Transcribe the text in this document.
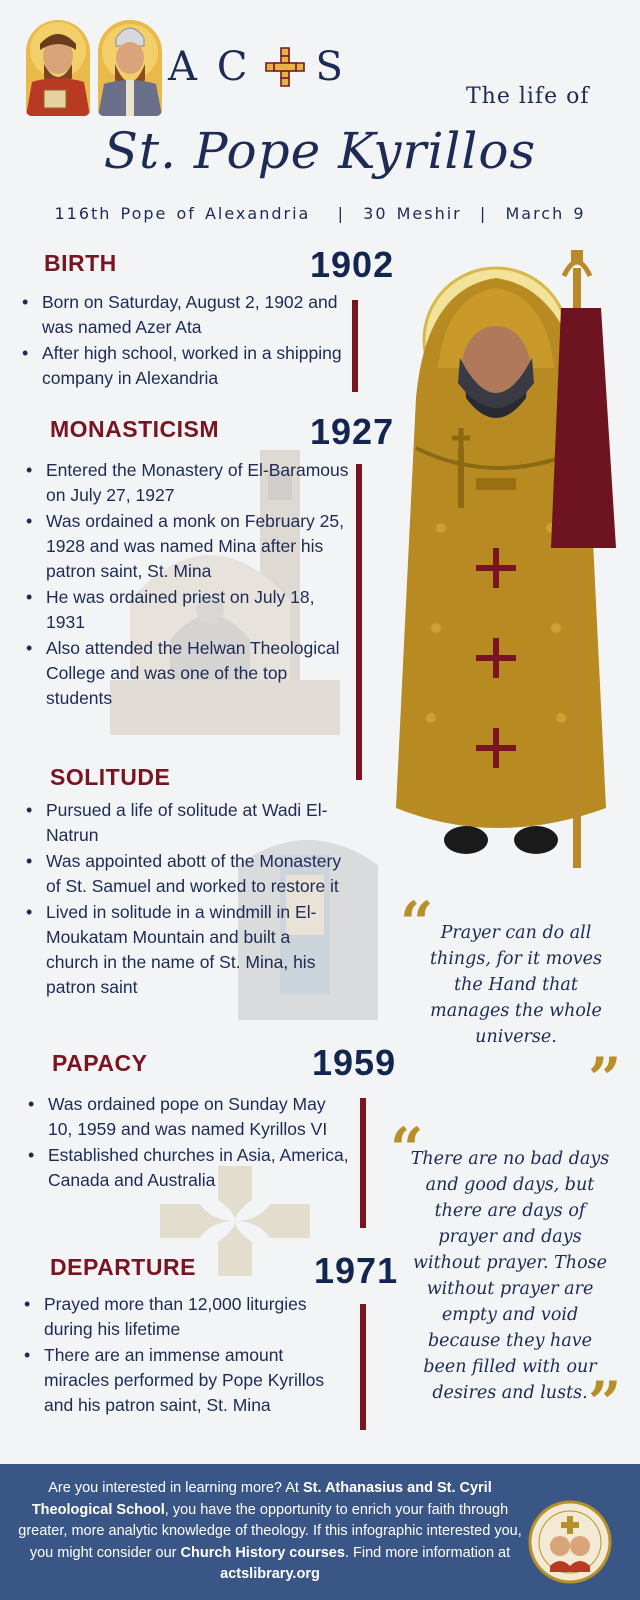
A C S
The life of
St. Pope Kyrillos
116th Pope of Alexandria   |  30 Meshir  |  March 9
BIRTH	1902
• Born on Saturday, August 2, 1902 and was named Azer Ata
• After high school, worked in a shipping company in Alexandria
MONASTICISM	1927
• Entered the Monastery of El-Baramous on July 27, 1927
• Was ordained a monk on February 25, 1928 and was named Mina after his patron saint, St. Mina
• He was ordained priest on July 18, 1931
• Also attended the Helwan Theological College and was one of the top students
SOLITUDE
• Pursued a life of solitude at Wadi El-Natrun
• Was appointed abott of the Monastery of St. Samuel and worked to restore it
• Lived in solitude in a windmill in El-Moukatam Mountain and built a church in the name of St. Mina, his patron saint
“ Prayer can do all things, for it moves the Hand that manages the whole universe.
”
PAPACY	1959
• Was ordained pope on Sunday May 10, 1959 and was named Kyrillos VI
• Established churches in Asia, America, Canada and Australia	“
There are no bad days and good days, but there are days of prayer and days without prayer. Those without prayer are empty and void because they have been filled with our desires and lusts. ”
DEPARTURE	1971
• Prayed more than 12,000 liturgies during his lifetime
• There are an immense amount miracles performed by Pope Kyrillos and his patron saint, St. Mina
Are you interested in learning more? At St. Athanasius and St. Cyril Theological School, you have the opportunity to enrich your faith through greater, more analytic knowledge of theology. If this infographic interested you, you might consider our Church History courses. Find more information at actslibrary.org
